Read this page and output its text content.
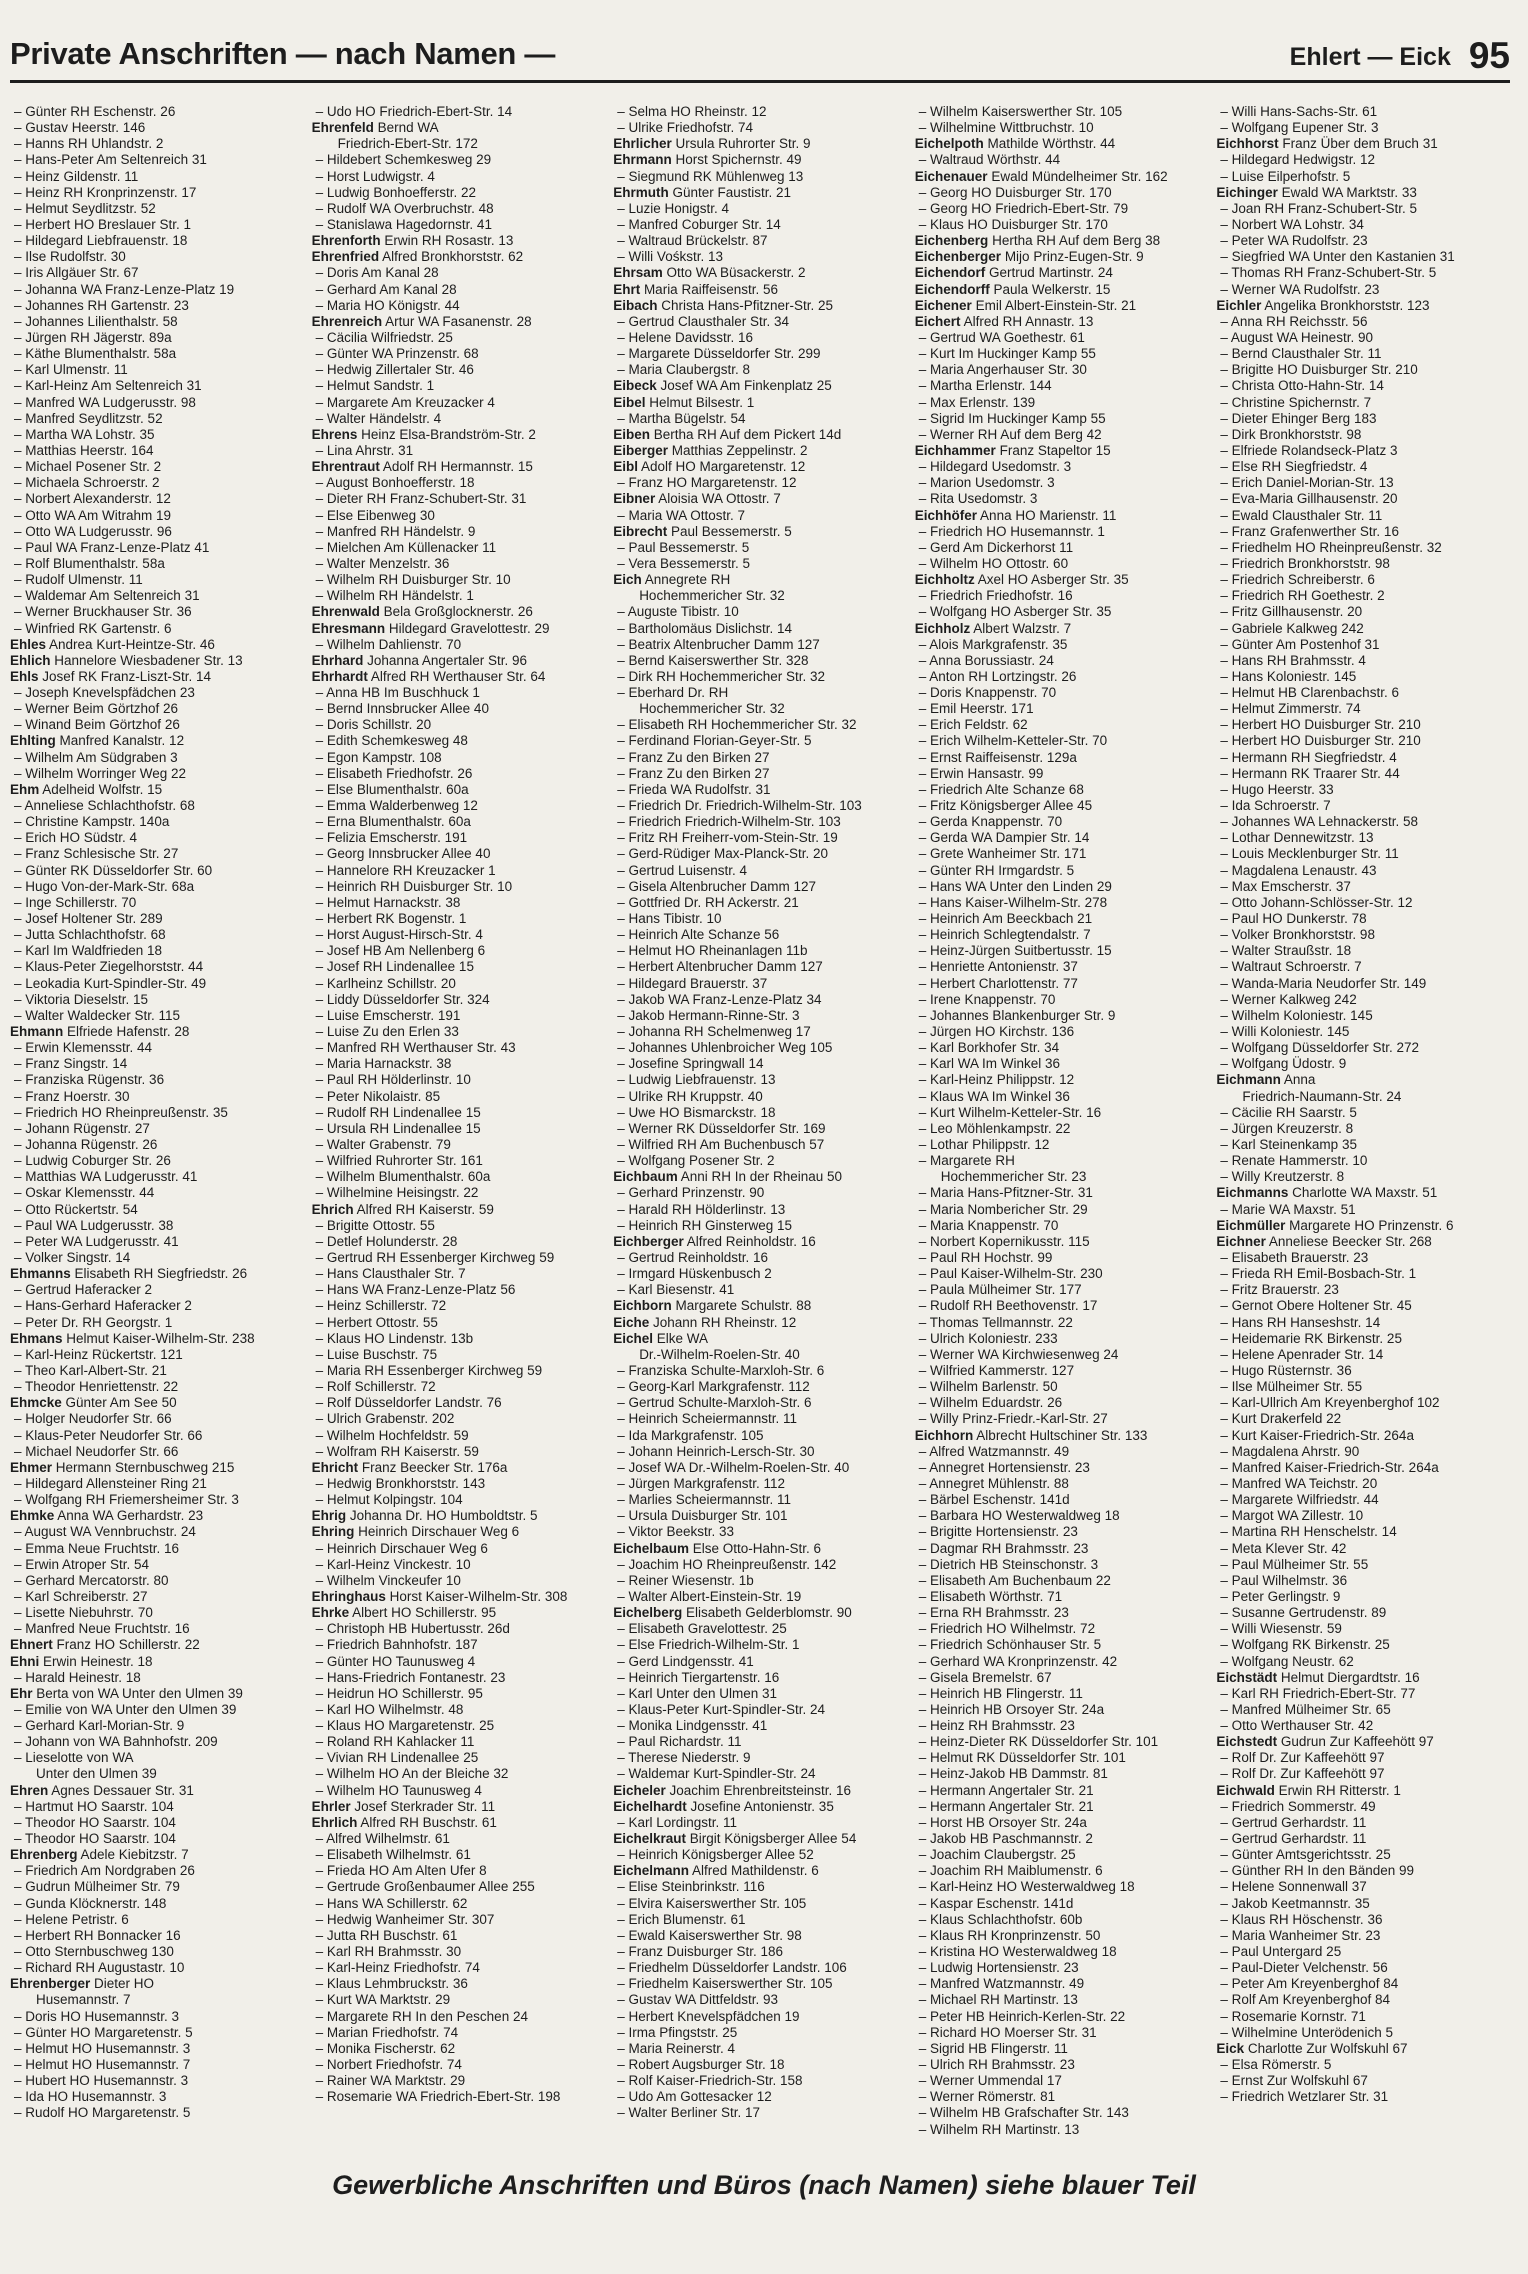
Private Anschriften — nach Namen —	Ehlert — Eick 95
– Günter RH Eschenstr. 26
– Gustav Heerstr. 146
– Hanns RH Uhlandstr. 2
– Hans-Peter Am Seltenreich 31
– Heinz Gildenstr. 11
– Heinz RH Kronprinzenstr. 17
– Helmut Seydlitzstr. 52
– Herbert HO Breslauer Str. 1
– Hildegard Liebfrauenstr. 18
– Ilse Rudolfstr. 30
– Iris Allgäuer Str. 67
– Johanna WA Franz-Lenze-Platz 19
– Johannes RH Gartenstr. 23
– Johannes Lilienthalstr. 58
– Jürgen RH Jägerstr. 89a
– Käthe Blumenthalstr. 58a
– Karl Ulmenstr. 11
– Karl-Heinz Am Seltenreich 31
– Manfred WA Ludgerusstr. 98
– Manfred Seydlitzstr. 52
– Martha WA Lohstr. 35
– Matthias Heerstr. 164
– Michael Posener Str. 2
– Michaela Schroerstr. 2
– Norbert Alexanderstr. 12
– Otto WA Am Witrahm 19
– Otto WA Ludgerusstr. 96
– Paul WA Franz-Lenze-Platz 41
– Rolf Blumenthalstr. 58a
– Rudolf Ulmenstr. 11
– Waldemar Am Seltenreich 31
– Werner Bruckhauser Str. 36
– Winfried RK Gartenstr. 6
Ehles Andrea Kurt-Heintze-Str. 46
Ehlich Hannelore Wiesbadener Str. 13
Ehls Josef RK Franz-Liszt-Str. 14
– Joseph Knevelspfädchen 23
– Werner Beim Görtzhof 26
– Winand Beim Görtzhof 26
Ehlting Manfred Kanalstr. 12
– Wilhelm Am Südgraben 3
– Wilhelm Worringer Weg 22
Ehm Adelheid Wolfstr. 15
– Anneliese Schlachthofstr. 68
– Christine Kampstr. 140a
– Erich HO Südstr. 4
– Franz Schlesische Str. 27
– Günter RK Düsseldorfer Str. 60
– Hugo Von-der-Mark-Str. 68a
– Inge Schillerstr. 70
– Josef Holtener Str. 289
– Jutta Schlachthofstr. 68
– Karl Im Waldfrieden 18
– Klaus-Peter Ziegelhorststr. 44
– Leokadia Kurt-Spindler-Str. 49
– Viktoria Dieselstr. 15
– Walter Waldecker Str. 115
Ehmann Elfriede Hafenstr. 28
– Erwin Klemensstr. 44
– Franz Singstr. 14
– Franziska Rügenstr. 36
– Franz Hoerstr. 30
– Friedrich HO Rheinpreußenstr. 35
– Johann Rügenstr. 27
– Johanna Rügenstr. 26
– Ludwig Coburger Str. 26
– Matthias WA Ludgerusstr. 41
– Oskar Klemensstr. 44
– Otto Rückertstr. 54
– Paul WA Ludgerusstr. 38
– Peter WA Ludgerusstr. 41
– Volker Singstr. 14
Ehmanns Elisabeth RH Siegfriedstr. 26
– Gertrud Haferacker 2
– Hans-Gerhard Haferacker 2
– Peter Dr. RH Georgstr. 1
Ehmans Helmut Kaiser-Wilhelm-Str. 238
– Karl-Heinz Rückertstr. 121
– Theo Karl-Albert-Str. 21
– Theodor Henriettenstr. 22
Ehmcke Günter Am See 50
– Holger Neudorfer Str. 66
– Klaus-Peter Neudorfer Str. 66
– Michael Neudorfer Str. 66
Ehmer Hermann Sternbuschweg 215
– Hildegard Allensteiner Ring 21
– Wolfgang RH Friemersheimer Str. 3
Ehmke Anna WA Gerhardstr. 23
– August WA Vennbruchstr. 24
– Emma Neue Fruchtstr. 16
– Erwin Atroper Str. 54
– Gerhard Mercatorstr. 80
– Karl Schreiberstr. 27
– Lisette Niebuhrstr. 70
– Manfred Neue Fruchtstr. 16
Ehnert Franz HO Schillerstr. 22
Ehni Erwin Heinestr. 18
– Harald Heinestr. 18
Ehr Berta von WA Unter den Ulmen 39
– Emilie von WA Unter den Ulmen 39
– Gerhard Karl-Morian-Str. 9
– Johann von WA Bahnhofstr. 209
– Lieselotte von WA
Unter den Ulmen 39
Ehren Agnes Dessauer Str. 31
– Hartmut HO Saarstr. 104
– Theodor HO Saarstr. 104
– Theodor HO Saarstr. 104
Ehrenberg Adele Kiebitzstr. 7
– Friedrich Am Nordgraben 26
– Gudrun Mülheimer Str. 79
– Gunda Klöcknerstr. 148
– Helene Petristr. 6
– Herbert RH Bonnacker 16
– Otto Sternbuschweg 130
– Richard RH Augustastr. 10
Ehrenberger Dieter HO
Husemannstr. 7
– Doris HO Husemannstr. 3
– Günter HO Margaretenstr. 5
– Helmut HO Husemannstr. 3
– Helmut HO Husemannstr. 7
– Hubert HO Husemannstr. 3
– Ida HO Husemannstr. 3
– Rudolf HO Margaretenstr. 5
– Udo HO Friedrich-Ebert-Str. 14
Ehrenfeld Bernd WA
Friedrich-Ebert-Str. 172
– Hildebert Schemkesweg 29
– Horst Ludwigstr. 4
– Ludwig Bonhoefferstr. 22
– Rudolf WA Overbruchstr. 48
– Stanislawa Hagedornstr. 41
Ehrenforth Erwin RH Rosastr. 13
Ehrenfried Alfred Bronkhorststr. 62
– Doris Am Kanal 28
– Gerhard Am Kanal 28
– Maria HO Königstr. 44
Ehrenreich Artur WA Fasanenstr. 28
– Cäcilia Wilfriedstr. 25
– Günter WA Prinzenstr. 68
– Hedwig Zillertaler Str. 46
– Helmut Sandstr. 1
– Margarete Am Kreuzacker 4
– Walter Händelstr. 4
Ehrens Heinz Elsa-Brandström-Str. 2
– Lina Ahrstr. 31
Ehrentraut Adolf RH Hermannstr. 15
– August Bonhoefferstr. 18
– Dieter RH Franz-Schubert-Str. 31
– Else Eibenweg 30
– Manfred RH Händelstr. 9
– Mielchen Am Küllenacker 11
– Walter Menzelstr. 36
– Wilhelm RH Duisburger Str. 10
– Wilhelm RH Händelstr. 1
Ehrenwald Bela Großglocknerstr. 26
Ehresmann Hildegard Gravelottestr. 29
– Wilhelm Dahlienstr. 70
Ehrhard Johanna Angertaler Str. 96
Ehrhardt Alfred RH Werthauser Str. 64
– Anna HB Im Buschhuck 1
– Bernd Innsbrucker Allee 40
– Doris Schillstr. 20
– Edith Schemkesweg 48
– Egon Kampstr. 108
– Elisabeth Friedhofstr. 26
– Else Blumenthalstr. 60a
– Emma Walderbenweg 12
– Erna Blumenthalstr. 60a
– Felizia Emscherstr. 191
– Georg Innsbrucker Allee 40
– Hannelore RH Kreuzacker 1
– Heinrich RH Duisburger Str. 10
– Helmut Harnackstr. 38
– Herbert RK Bogenstr. 1
– Horst August-Hirsch-Str. 4
– Josef HB Am Nellenberg 6
– Josef RH Lindenallee 15
– Karlheinz Schillstr. 20
– Liddy Düsseldorfer Str. 324
– Luise Emscherstr. 191
– Luise Zu den Erlen 33
– Manfred RH Werthauser Str. 43
– Maria Harnackstr. 38
– Paul RH Hölderlinstr. 10
– Peter Nikolaistr. 85
– Rudolf RH Lindenallee 15
– Ursula RH Lindenallee 15
– Walter Grabenstr. 79
– Wilfried Ruhrorter Str. 161
– Wilhelm Blumenthalstr. 60a
– Wilhelmine Heisingstr. 22
Ehrich Alfred RH Kaiserstr. 59
– Brigitte Ottostr. 55
– Detlef Holunderstr. 28
– Gertrud RH Essenberger Kirchweg 59
– Hans Clausthaler Str. 7
– Hans WA Franz-Lenze-Platz 56
– Heinz Schillerstr. 72
– Herbert Ottostr. 55
– Klaus HO Lindenstr. 13b
– Luise Buschstr. 75
– Maria RH Essenberger Kirchweg 59
– Rolf Schillerstr. 72
– Rolf Düsseldorfer Landstr. 76
– Ulrich Grabenstr. 202
– Wilhelm Hochfeldstr. 59
– Wolfram RH Kaiserstr. 59
Ehricht Franz Beecker Str. 176a
– Hedwig Bronkhorststr. 143
– Helmut Kolpingstr. 104
Ehrig Johanna Dr. HO Humboldtstr. 5
Ehring Heinrich Dirschauer Weg 6
– Heinrich Dirschauer Weg 6
– Karl-Heinz Vinckestr. 10
– Wilhelm Vinckeufer 10
Ehringhaus Horst Kaiser-Wilhelm-Str. 308
Ehrke Albert HO Schillerstr. 95
– Christoph HB Hubertusstr. 26d
– Friedrich Bahnhofstr. 187
– Günter HO Taunusweg 4
– Hans-Friedrich Fontanestr. 23
– Heidrun HO Schillerstr. 95
– Karl HO Wilhelmstr. 48
– Klaus HO Margaretenstr. 25
– Roland RH Kahlacker 11
– Vivian RH Lindenallee 25
– Wilhelm HO An der Bleiche 32
– Wilhelm HO Taunusweg 4
Ehrler Josef Sterkrader Str. 11
Ehrlich Alfred RH Buschstr. 61
– Alfred Wilhelmstr. 61
– Elisabeth Wilhelmstr. 61
– Frieda HO Am Alten Ufer 8
– Gertrude Großenbaumer Allee 255
– Hans WA Schillerstr. 62
– Hedwig Wanheimer Str. 307
– Jutta RH Buschstr. 61
– Karl RH Brahmsstr. 30
– Karl-Heinz Friedhofstr. 74
– Klaus Lehmbruckstr. 36
– Kurt WA Marktstr. 29
– Margarete RH In den Peschen 24
– Marian Friedhofstr. 74
– Monika Fischerstr. 62
– Norbert Friedhofstr. 74
– Rainer WA Marktstr. 29
– Rosemarie WA Friedrich-Ebert-Str. 198
– Selma HO Rheinstr. 12
– Ulrike Friedhofstr. 74
Ehrlicher Ursula Ruhrorter Str. 9
Ehrmann Horst Spichernstr. 49
– Siegmund RK Mühlenweg 13
Ehrmuth Günter Faustistr. 21
– Luzie Honigstr. 4
– Manfred Coburger Str. 14
– Waltraud Brückelstr. 87
– Willi Vośkstr. 13
Ehrsam Otto WA Büsackerstr. 2
Ehrt Maria Raiffeisenstr. 56
Eibach Christa Hans-Pfitzner-Str. 25
– Gertrud Clausthaler Str. 34
– Helene Davidsstr. 16
– Margarete Düsseldorfer Str. 299
– Maria Claubergstr. 8
Eibeck Josef WA Am Finkenplatz 25
Eibel Helmut Bilsestr. 1
– Martha Bügelstr. 54
Eiben Bertha RH Auf dem Pickert 14d
Eiberger Matthias Zeppelinstr. 2
Eibl Adolf HO Margaretenstr. 12
– Franz HO Margaretenstr. 12
Eibner Aloisia WA Ottostr. 7
– Maria WA Ottostr. 7
Eibrecht Paul Bessemerstr. 5
– Paul Bessemerstr. 5
– Vera Bessemerstr. 5
Eich Annegrete RH
Hochemmericher Str. 32
– Auguste Tibistr. 10
– Bartholomäus Dislichstr. 14
– Beatrix Altenbrucher Damm 127
– Bernd Kaiserswerther Str. 328
– Dirk RH Hochemmericher Str. 32
– Eberhard Dr. RH
Hochemmericher Str. 32
– Elisabeth RH Hochemmericher Str. 32
– Ferdinand Florian-Geyer-Str. 5
– Franz Zu den Birken 27
– Franz Zu den Birken 27
– Frieda WA Rudolfstr. 31
– Friedrich Dr. Friedrich-Wilhelm-Str. 103
– Friedrich Friedrich-Wilhelm-Str. 103
– Fritz RH Freiherr-vom-Stein-Str. 19
– Gerd-Rüdiger Max-Planck-Str. 20
– Gertrud Luisenstr. 4
– Gisela Altenbrucher Damm 127
– Gottfried Dr. RH Ackerstr. 21
– Hans Tibistr. 10
– Heinrich Alte Schanze 56
– Helmut HO Rheinanlagen 11b
– Herbert Altenbrucher Damm 127
– Hildegard Brauerstr. 37
– Jakob WA Franz-Lenze-Platz 34
– Jakob Hermann-Rinne-Str. 3
– Johanna RH Schelmenweg 17
– Johannes Uhlenbroicher Weg 105
– Josefine Springwall 14
– Ludwig Liebfrauenstr. 13
– Ulrike RH Kruppstr. 40
– Uwe HO Bismarckstr. 18
– Werner RK Düsseldorfer Str. 169
– Wilfried RH Am Buchenbusch 57
– Wolfgang Posener Str. 2
Eichbaum Anni RH In der Rheinau 50
– Gerhard Prinzenstr. 90
– Harald RH Hölderlinstr. 13
– Heinrich RH Ginsterweg 15
Eichberger Alfred Reinholdstr. 16
– Gertrud Reinholdstr. 16
– Irmgard Hüskenbusch 2
– Karl Biesenstr. 41
Eichborn Margarete Schulstr. 88
Eiche Johann RH Rheinstr. 12
Eichel Elke WA
Dr.-Wilhelm-Roelen-Str. 40
– Franziska Schulte-Marxloh-Str. 6
– Georg-Karl Markgrafenstr. 112
– Gertrud Schulte-Marxloh-Str. 6
– Heinrich Scheiermannstr. 11
– Ida Markgrafenstr. 105
– Johann Heinrich-Lersch-Str. 30
– Josef WA Dr.-Wilhelm-Roelen-Str. 40
– Jürgen Markgrafenstr. 112
– Marlies Scheiermannstr. 11
– Ursula Duisburger Str. 101
– Viktor Beekstr. 33
Eichelbaum Else Otto-Hahn-Str. 6
– Joachim HO Rheinpreußenstr. 142
– Reiner Wiesenstr. 1b
– Walter Albert-Einstein-Str. 19
Eichelberg Elisabeth Gelderblomstr. 90
– Elisabeth Gravelottestr. 25
– Else Friedrich-Wilhelm-Str. 1
– Gerd Lindgensstr. 41
– Heinrich Tiergartenstr. 16
– Karl Unter den Ulmen 31
– Klaus-Peter Kurt-Spindler-Str. 24
– Monika Lindgensstr. 41
– Paul Richardstr. 11
– Therese Niederstr. 9
– Waldemar Kurt-Spindler-Str. 24
Eicheler Joachim Ehrenbreitsteinstr. 16
Eichelhardt Josefine Antonienstr. 35
– Karl Lordingstr. 11
Eichelkraut Birgit Königsberger Allee 54
– Heinrich Königsberger Allee 52
Eichelmann Alfred Mathildenstr. 6
– Elise Steinbrinkstr. 116
– Elvira Kaiserswerther Str. 105
– Erich Blumenstr. 61
– Ewald Kaiserswerther Str. 98
– Franz Duisburger Str. 186
– Friedhelm Düsseldorfer Landstr. 106
– Friedhelm Kaiserswerther Str. 105
– Gustav WA Dittfeldstr. 93
– Herbert Knevelspfädchen 19
– Irma Pfingststr. 25
– Maria Reinerstr. 4
– Robert Augsburger Str. 18
– Rolf Kaiser-Friedrich-Str. 158
– Udo Am Gottesacker 12
– Walter Berliner Str. 17
– Wilhelm Kaiserswerther Str. 105
– Wilhelmine Wittbruchstr. 10
Eichelpoth Mathilde Wörthstr. 44
– Waltraud Wörthstr. 44
Eichenauer Ewald Mündelheimer Str. 162
– Georg HO Duisburger Str. 170
– Georg HO Friedrich-Ebert-Str. 79
– Klaus HO Duisburger Str. 170
Eichenberg Hertha RH Auf dem Berg 38
Eichenberger Mijo Prinz-Eugen-Str. 9
Eichendorf Gertrud Martinstr. 24
Eichendorff Paula Welkerstr. 15
Eichener Emil Albert-Einstein-Str. 21
Eichert Alfred RH Annastr. 13
– Gertrud WA Goethestr. 61
– Kurt Im Huckinger Kamp 55
– Maria Angerhauser Str. 30
– Martha Erlenstr. 144
– Max Erlenstr. 139
– Sigrid Im Huckinger Kamp 55
– Werner RH Auf dem Berg 42
Eichhammer Franz Stapeltor 15
– Hildegard Usedomstr. 3
– Marion Usedomstr. 3
– Rita Usedomstr. 3
Eichhöfer Anna HO Marienstr. 11
– Friedrich HO Husemannstr. 1
– Gerd Am Dickerhorst 11
– Wilhelm HO Ottostr. 60
Eichholtz Axel HO Asberger Str. 35
– Friedrich Friedhofstr. 16
– Wolfgang HO Asberger Str. 35
Eichholz Albert Walzstr. 7
– Alois Markgrafenstr. 35
– Anna Borussiastr. 24
– Anton RH Lortzingstr. 26
– Doris Knappenstr. 70
– Emil Heerstr. 171
– Erich Feldstr. 62
– Erich Wilhelm-Ketteler-Str. 70
– Ernst Raiffeisenstr. 129a
– Erwin Hansastr. 99
– Friedrich Alte Schanze 68
– Fritz Königsberger Allee 45
– Gerda Knappenstr. 70
– Gerda WA Dampier Str. 14
– Grete Wanheimer Str. 171
– Günter RH Irmgardstr. 5
– Hans WA Unter den Linden 29
– Hans Kaiser-Wilhelm-Str. 278
– Heinrich Am Beeckbach 21
– Heinrich Schlegtendalstr. 7
– Heinz-Jürgen Suitbertusstr. 15
– Henriette Antonienstr. 37
– Herbert Charlottenstr. 77
– Irene Knappenstr. 70
– Johannes Blankenburger Str. 9
– Jürgen HO Kirchstr. 136
– Karl Borkhofer Str. 34
– Karl WA Im Winkel 36
– Karl-Heinz Philippstr. 12
– Klaus WA Im Winkel 36
– Kurt Wilhelm-Ketteler-Str. 16
– Leo Möhlenkampstr. 22
– Lothar Philippstr. 12
– Margarete RH
Hochemmericher Str. 23
– Maria Hans-Pfitzner-Str. 31
– Maria Nombericher Str. 29
– Maria Knappenstr. 70
– Norbert Kopernikusstr. 115
– Paul RH Hochstr. 99
– Paul Kaiser-Wilhelm-Str. 230
– Paula Mülheimer Str. 177
– Rudolf RH Beethovenstr. 17
– Thomas Tellmannstr. 22
– Ulrich Koloniestr. 233
– Werner WA Kirchwiesenweg 24
– Wilfried Kammerstr. 127
– Wilhelm Barlenstr. 50
– Wilhelm Eduardstr. 26
– Willy Prinz-Friedr.-Karl-Str. 27
Eichhorn Albrecht Hultschiner Str. 133
– Alfred Watzmannstr. 49
– Annegret Hortensienstr. 23
– Annegret Mühlenstr. 88
– Bärbel Eschenstr. 141d
– Barbara HO Westerwaldweg 18
– Brigitte Hortensienstr. 23
– Dagmar RH Brahmsstr. 23
– Dietrich HB Steinschonstr. 3
– Elisabeth Am Buchenbaum 22
– Elisabeth Wörthstr. 71
– Erna RH Brahmsstr. 23
– Friedrich HO Wilhelmstr. 72
– Friedrich Schönhauser Str. 5
– Gerhard WA Kronprinzenstr. 42
– Gisela Bremelstr. 67
– Heinrich HB Flingerstr. 11
– Heinrich HB Orsoyer Str. 24a
– Heinz RH Brahmsstr. 23
– Heinz-Dieter RK Düsseldorfer Str. 101
– Helmut RK Düsseldorfer Str. 101
– Heinz-Jakob HB Dammstr. 81
– Hermann Angertaler Str. 21
– Hermann Angertaler Str. 21
– Horst HB Orsoyer Str. 24a
– Jakob HB Paschmannstr. 2
– Joachim Claubergstr. 25
– Joachim RH Maiblumenstr. 6
– Karl-Heinz HO Westerwaldweg 18
– Kaspar Eschenstr. 141d
– Klaus Schlachthofstr. 60b
– Klaus RH Kronprinzenstr. 50
– Kristina HO Westerwaldweg 18
– Ludwig Hortensienstr. 23
– Manfred Watzmannstr. 49
– Michael RH Martinstr. 13
– Peter HB Heinrich-Kerlen-Str. 22
– Richard HO Moerser Str. 31
– Sigrid HB Flingerstr. 11
– Ulrich RH Brahmsstr. 23
– Werner Ummendal 17
– Werner Römerstr. 81
– Wilhelm HB Grafschafter Str. 143
– Wilhelm RH Martinstr. 13
– Willi Hans-Sachs-Str. 61
– Wolfgang Eupener Str. 3
Eichhorst Franz Über dem Bruch 31
– Hildegard Hedwigstr. 12
– Luise Eilperhofstr. 5
Eichinger Ewald WA Marktstr. 33
– Joan RH Franz-Schubert-Str. 5
– Norbert WA Lohstr. 34
– Peter WA Rudolfstr. 23
– Siegfried WA Unter den Kastanien 31
– Thomas RH Franz-Schubert-Str. 5
– Werner WA Rudolfstr. 23
Eichler Angelika Bronkhorststr. 123
– Anna RH Reichsstr. 56
– August WA Heinestr. 90
– Bernd Clausthaler Str. 11
– Brigitte HO Duisburger Str. 210
– Christa Otto-Hahn-Str. 14
– Christine Spichernstr. 7
– Dieter Ehinger Berg 183
– Dirk Bronkhorststr. 98
– Elfriede Rolandseck-Platz 3
– Else RH Siegfriedstr. 4
– Erich Daniel-Morian-Str. 13
– Eva-Maria Gillhausenstr. 20
– Ewald Clausthaler Str. 11
– Franz Grafenwerther Str. 16
– Friedhelm HO Rheinpreußenstr. 32
– Friedrich Bronkhorststr. 98
– Friedrich Schreiberstr. 6
– Friedrich RH Goethestr. 2
– Fritz Gillhausenstr. 20
– Gabriele Kalkweg 242
– Günter Am Postenhof 31
– Hans RH Brahmsstr. 4
– Hans Koloniestr. 145
– Helmut HB Clarenbachstr. 6
– Helmut Zimmerstr. 74
– Herbert HO Duisburger Str. 210
– Herbert HO Duisburger Str. 210
– Hermann RH Siegfriedstr. 4
– Hermann RK Traarer Str. 44
– Hugo Heerstr. 33
– Ida Schroerstr. 7
– Johannes WA Lehnackerstr. 58
– Lothar Dennewitzstr. 13
– Louis Mecklenburger Str. 11
– Magdalena Lenaustr. 43
– Max Emscherstr. 37
– Otto Johann-Schlösser-Str. 12
– Paul HO Dunkerstr. 78
– Volker Bronkhorststr. 98
– Walter Straußstr. 18
– Waltraut Schroerstr. 7
– Wanda-Maria Neudorfer Str. 149
– Werner Kalkweg 242
– Wilhelm Koloniestr. 145
– Willi Koloniestr. 145
– Wolfgang Düsseldorfer Str. 272
– Wolfgang Üdostr. 9
Eichmann Anna
Friedrich-Naumann-Str. 24
– Cäcilie RH Saarstr. 5
– Jürgen Kreuzerstr. 8
– Karl Steinenkamp 35
– Renate Hammerstr. 10
– Willy Kreutzerstr. 8
Eichmanns Charlotte WA Maxstr. 51
– Marie WA Maxstr. 51
Eichmüller Margarete HO Prinzenstr. 6
Eichner Anneliese Beecker Str. 268
– Elisabeth Brauerstr. 23
– Frieda RH Emil-Bosbach-Str. 1
– Fritz Brauerstr. 23
– Gernot Obere Holtener Str. 45
– Hans RH Hanseshstr. 14
– Heidemarie RK Birkenstr. 25
– Helene Apenrader Str. 14
– Hugo Rüsternstr. 36
– Ilse Mülheimer Str. 55
– Karl-Ullrich Am Kreyenberghof 102
– Kurt Drakerfeld 22
– Kurt Kaiser-Friedrich-Str. 264a
– Magdalena Ahrstr. 90
– Manfred Kaiser-Friedrich-Str. 264a
– Manfred WA Teichstr. 20
– Margarete Wilfriedstr. 44
– Margot WA Zillestr. 10
– Martina RH Henschelstr. 14
– Meta Klever Str. 42
– Paul Mülheimer Str. 55
– Paul Wilhelmstr. 36
– Peter Gerlingstr. 9
– Susanne Gertrudenstr. 89
– Willi Wiesenstr. 59
– Wolfgang RK Birkenstr. 25
– Wolfgang Neustr. 62
Eichstädt Helmut Diergardtstr. 16
– Karl RH Friedrich-Ebert-Str. 77
– Manfred Mülheimer Str. 65
– Otto Werthauser Str. 42
Eichstedt Gudrun Zur Kaffeehött 97
– Rolf Dr. Zur Kaffeehött 97
– Rolf Dr. Zur Kaffeehött 97
Eichwald Erwin RH Ritterstr. 1
– Friedrich Sommerstr. 49
– Gertrud Gerhardstr. 11
– Gertrud Gerhardstr. 11
– Günter Amtsgerichtsstr. 25
– Günther RH In den Bänden 99
– Helene Sonnenwall 37
– Jakob Keetmannstr. 35
– Klaus RH Höschenstr. 36
– Maria Wanheimer Str. 23
– Paul Untergard 25
– Paul-Dieter Velchenstr. 56
– Peter Am Kreyenberghof 84
– Rolf Am Kreyenberghof 84
– Rosemarie Kornstr. 71
– Wilhelmine Unterödenich 5
Eick Charlotte Zur Wolfskuhl 67
– Elsa Römerstr. 5
– Ernst Zur Wolfskuhl 67
– Friedrich Wetzlarer Str. 31
Gewerbliche Anschriften und Büros (nach Namen) siehe blauer Teil
